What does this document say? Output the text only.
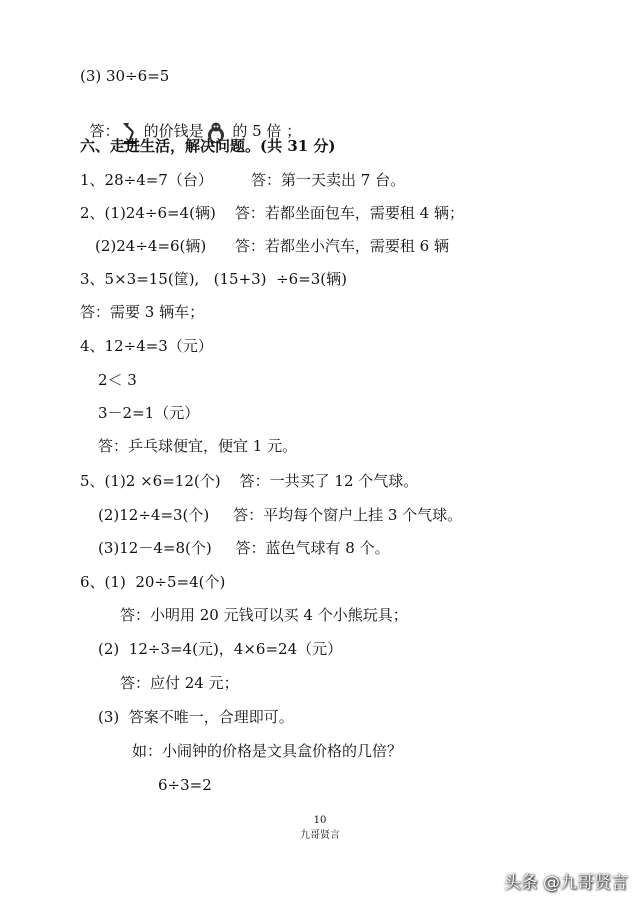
(3) 30÷6=5

答： 的价钱是 的 5 倍 ；

六、走进生活，解决问题。(共 31 分)
1、28÷4=7（台）        答：第一天卖出 7 台。
2、(1)24÷6=4(辆)    答：若都坐面包车，需要租 4 辆；
(2)24÷4=6(辆)      答：若都坐小汽车，需要租 6 辆
3、5×3=15(筐),   (15+3)  ÷6=3(辆)
答：需要 3 辆车；
4、12÷4=3（元）
2＜ 3
3－2=1（元）
答：乒乓球便宜，便宜 1 元。
5、(1)2 ×6=12(个)    答：一共买了 12 个气球。
(2)12÷4=3(个)     答：平均每个窗户上挂 3 个气球。
(3)12－4=8(个)     答：蓝色气球有 8 个。
6、(1)  20÷5=4(个)
答：小明用 20 元钱可以买 4 个小熊玩具；
(2)  12÷3=4(元)，4×6=24（元）
答：应付 24 元；
(3)  答案不唯一，合理即可。
如：小闹钟的价格是文具盒价格的几倍？
6÷3=2
10
九哥贤言
头条 @九哥贤言
